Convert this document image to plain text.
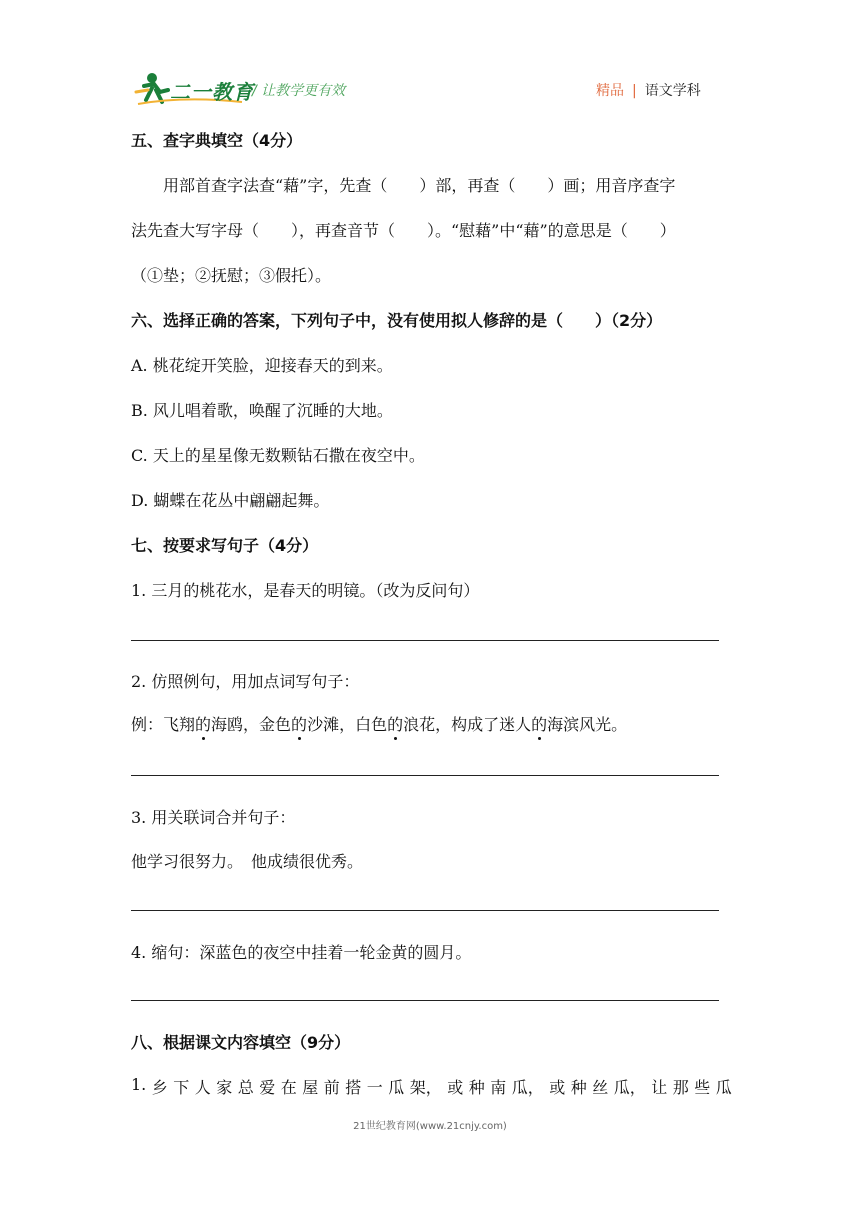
二一教育
/ 让教学更有效	精品 | 语文学科
五、查字典填空（4分）
用部首查字法查“藉”字，先查（　　）部，再查（　　）画；用音序查字
法先查大写字母（　　），再查音节（　　）。“慰藉”中“藉”的意思是（　　）
（①垫；②抚慰；③假托）。
六、选择正确的答案，下列句子中，没有使用拟人修辞的是（　　）（2分）
A. 桃花绽开笑脸，迎接春天的到来。
B. 风儿唱着歌，唤醒了沉睡的大地。
C. 天上的星星像无数颗钻石撒在夜空中。
D. 蝴蝶在花丛中翩翩起舞。
七、按要求写句子（4分）
1. 三月的桃花水，是春天的明镜。（改为反问句）
2. 仿照例句，用加点词写句子：
例：飞翔的海鸥，金色的沙滩，白色的浪花，构成了迷人的海滨风光。
3. 用关联词合并句子：
他学习很努力。　他成绩很优秀。
4. 缩句：深蓝色的夜空中挂着一轮金黄的圆月。
八、根据课文内容填空（9分）
1. 乡 下 人 家 总 爱 在 屋 前 搭 一 瓜 架， 或 种 南 瓜， 或 种 丝 瓜， 让 那 些 瓜
21世纪教育网(www.21cnjy.com)
